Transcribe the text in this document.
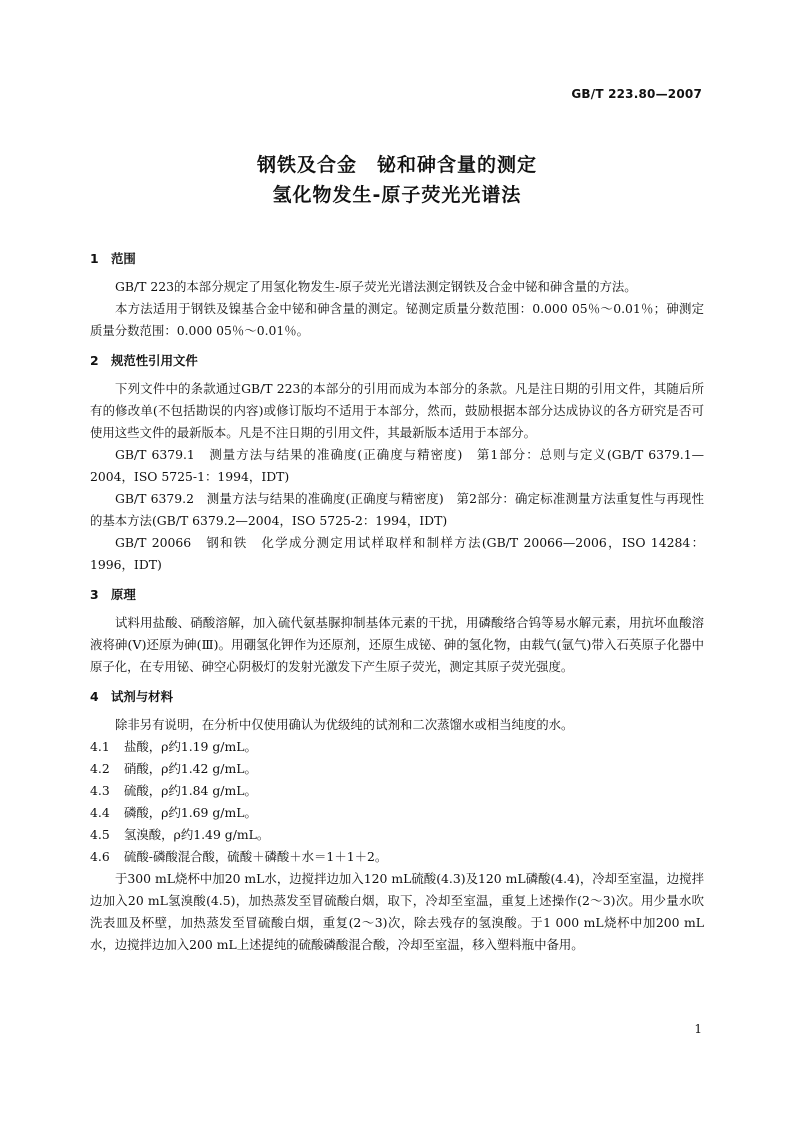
GB/T 223.80—2007
钢铁及合金　铋和砷含量的测定
氢化物发生-原子荧光光谱法

1　范围

GB/T 223的本部分规定了用氢化物发生-原子荧光光谱法测定钢铁及合金中铋和砷含量的方法。

本方法适用于钢铁及镍基合金中铋和砷含量的测定。铋测定质量分数范围：0.000 05％～0.01％；砷测定质量分数范围：0.000 05％～0.01％。

2　规范性引用文件

下列文件中的条款通过GB/T 223的本部分的引用而成为本部分的条款。凡是注日期的引用文件，其随后所有的修改单(不包括勘误的内容)或修订版均不适用于本部分，然而，鼓励根据本部分达成协议的各方研究是否可使用这些文件的最新版本。凡是不注日期的引用文件，其最新版本适用于本部分。

GB/T 6379.1　测量方法与结果的准确度(正确度与精密度)　第1部分：总则与定义(GB/T 6379.1—2004，ISO 5725-1：1994，IDT)

GB/T 6379.2　测量方法与结果的准确度(正确度与精密度)　第2部分：确定标准测量方法重复性与再现性的基本方法(GB/T 6379.2—2004，ISO 5725-2：1994，IDT)

GB/T 20066　钢和铁　化学成分测定用试样取样和制样方法(GB/T 20066—2006，ISO 14284：1996，IDT)

3　原理

试料用盐酸、硝酸溶解，加入硫代氨基脲抑制基体元素的干扰，用磷酸络合钨等易水解元素，用抗坏血酸溶液将砷(Ⅴ)还原为砷(Ⅲ)。用硼氢化钾作为还原剂，还原生成铋、砷的氢化物，由载气(氩气)带入石英原子化器中原子化，在专用铋、砷空心阴极灯的发射光激发下产生原子荧光，测定其原子荧光强度。

4　试剂与材料

除非另有说明，在分析中仅使用确认为优级纯的试剂和二次蒸馏水或相当纯度的水。

4.1 盐酸，ρ约1.19 g/mL。

4.2 硝酸，ρ约1.42 g/mL。

4.3 硫酸，ρ约1.84 g/mL。

4.4 磷酸，ρ约1.69 g/mL。

4.5 氢溴酸，ρ约1.49 g/mL。

4.6 硫酸-磷酸混合酸，硫酸＋磷酸＋水＝1＋1＋2。

于300 mL烧杯中加20 mL水，边搅拌边加入120 mL硫酸(4.3)及120 mL磷酸(4.4)，冷却至室温，边搅拌边加入20 mL氢溴酸(4.5)，加热蒸发至冒硫酸白烟，取下，冷却至室温，重复上述操作(2～3)次。用少量水吹洗表皿及杯壁，加热蒸发至冒硫酸白烟，重复(2～3)次，除去残存的氢溴酸。于1 000 mL烧杯中加200 mL水，边搅拌边加入200 mL上述提纯的硫酸磷酸混合酸，冷却至室温，移入塑料瓶中备用。

1
